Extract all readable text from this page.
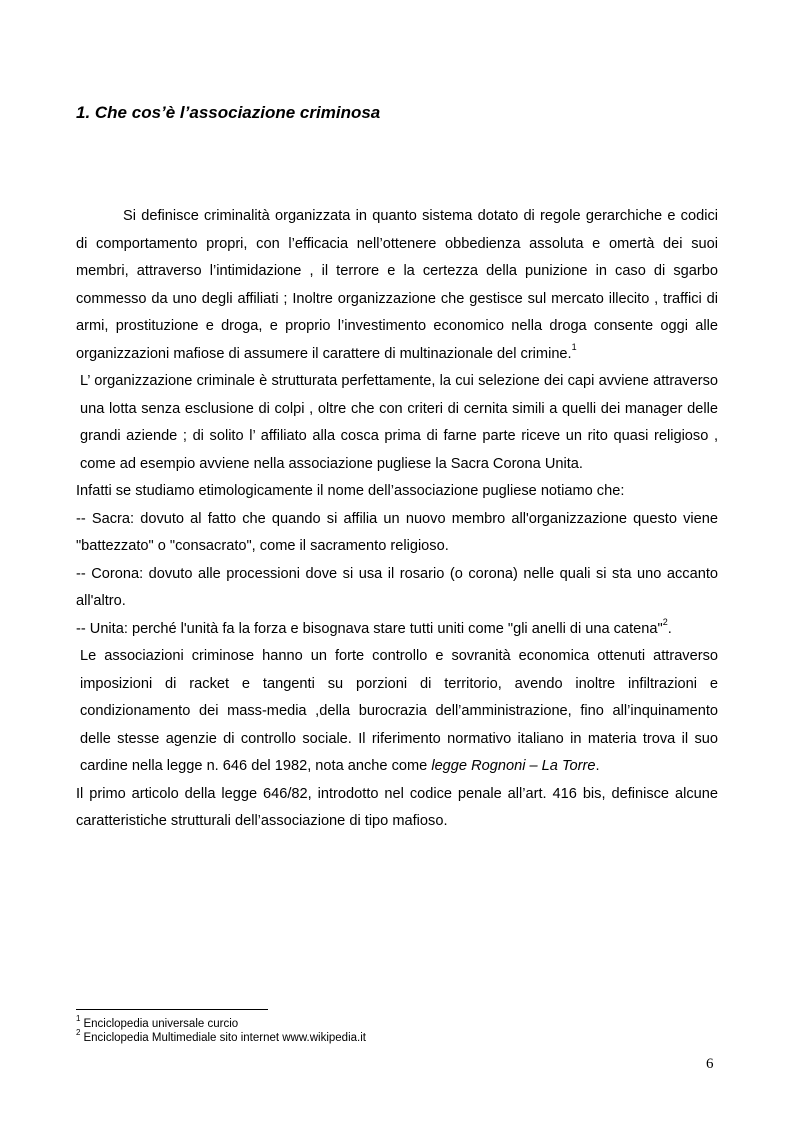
1. Che cos’è l’associazione criminosa

Si definisce criminalità organizzata in quanto sistema dotato di regole gerarchiche e codici di comportamento propri, con l’efficacia nell’ottenere obbedienza assoluta e omertà dei suoi membri, attraverso l’intimidazione , il terrore e la certezza della punizione in caso di sgarbo commesso da uno degli affiliati ; Inoltre organizzazione che gestisce sul mercato illecito , traffici di armi, prostituzione e droga, e proprio l’investimento economico nella droga consente oggi alle organizzazioni mafiose di assumere il carattere di multinazionale del crimine.$^1$

L’ organizzazione criminale è strutturata perfettamente, la cui selezione dei capi avviene attraverso una lotta senza esclusione di colpi , oltre che con criteri di cernita simili a quelli dei manager delle grandi aziende ; di solito l’ affiliato alla cosca prima di farne parte riceve un rito quasi religioso , come ad esempio avviene nella associazione pugliese la Sacra Corona Unita.

Infatti se studiamo etimologicamente il nome dell’associazione pugliese notiamo che:

-- Sacra: dovuto al fatto che quando si affilia un nuovo membro all'organizzazione questo viene "battezzato" o "consacrato", come il sacramento religioso.

-- Corona: dovuto alle processioni dove si usa il rosario (o corona) nelle quali si sta uno accanto all'altro.

-- Unita: perché l'unità fa la forza e bisognava stare tutti uniti come "gli anelli di una catena"$^2$.

Le associazioni criminose hanno un forte controllo e sovranità economica ottenuti attraverso imposizioni di racket e tangenti su porzioni di territorio, avendo inoltre infiltrazioni e condizionamento dei mass-media ,della burocrazia dell’amministrazione, fino all’inquinamento delle stesse agenzie di controllo sociale. Il riferimento normativo italiano in materia trova il suo cardine nella legge n. 646 del 1982, nota anche come legge Rognoni – La Torre.

Il primo articolo della legge 646/82, introdotto nel codice penale all’art. 416 bis, definisce alcune caratteristiche strutturali dell’associazione di tipo mafioso.

$^1$ Enciclopedia universale curcio
$^2$ Enciclopedia Multimediale sito internet www.wikipedia.it
6
